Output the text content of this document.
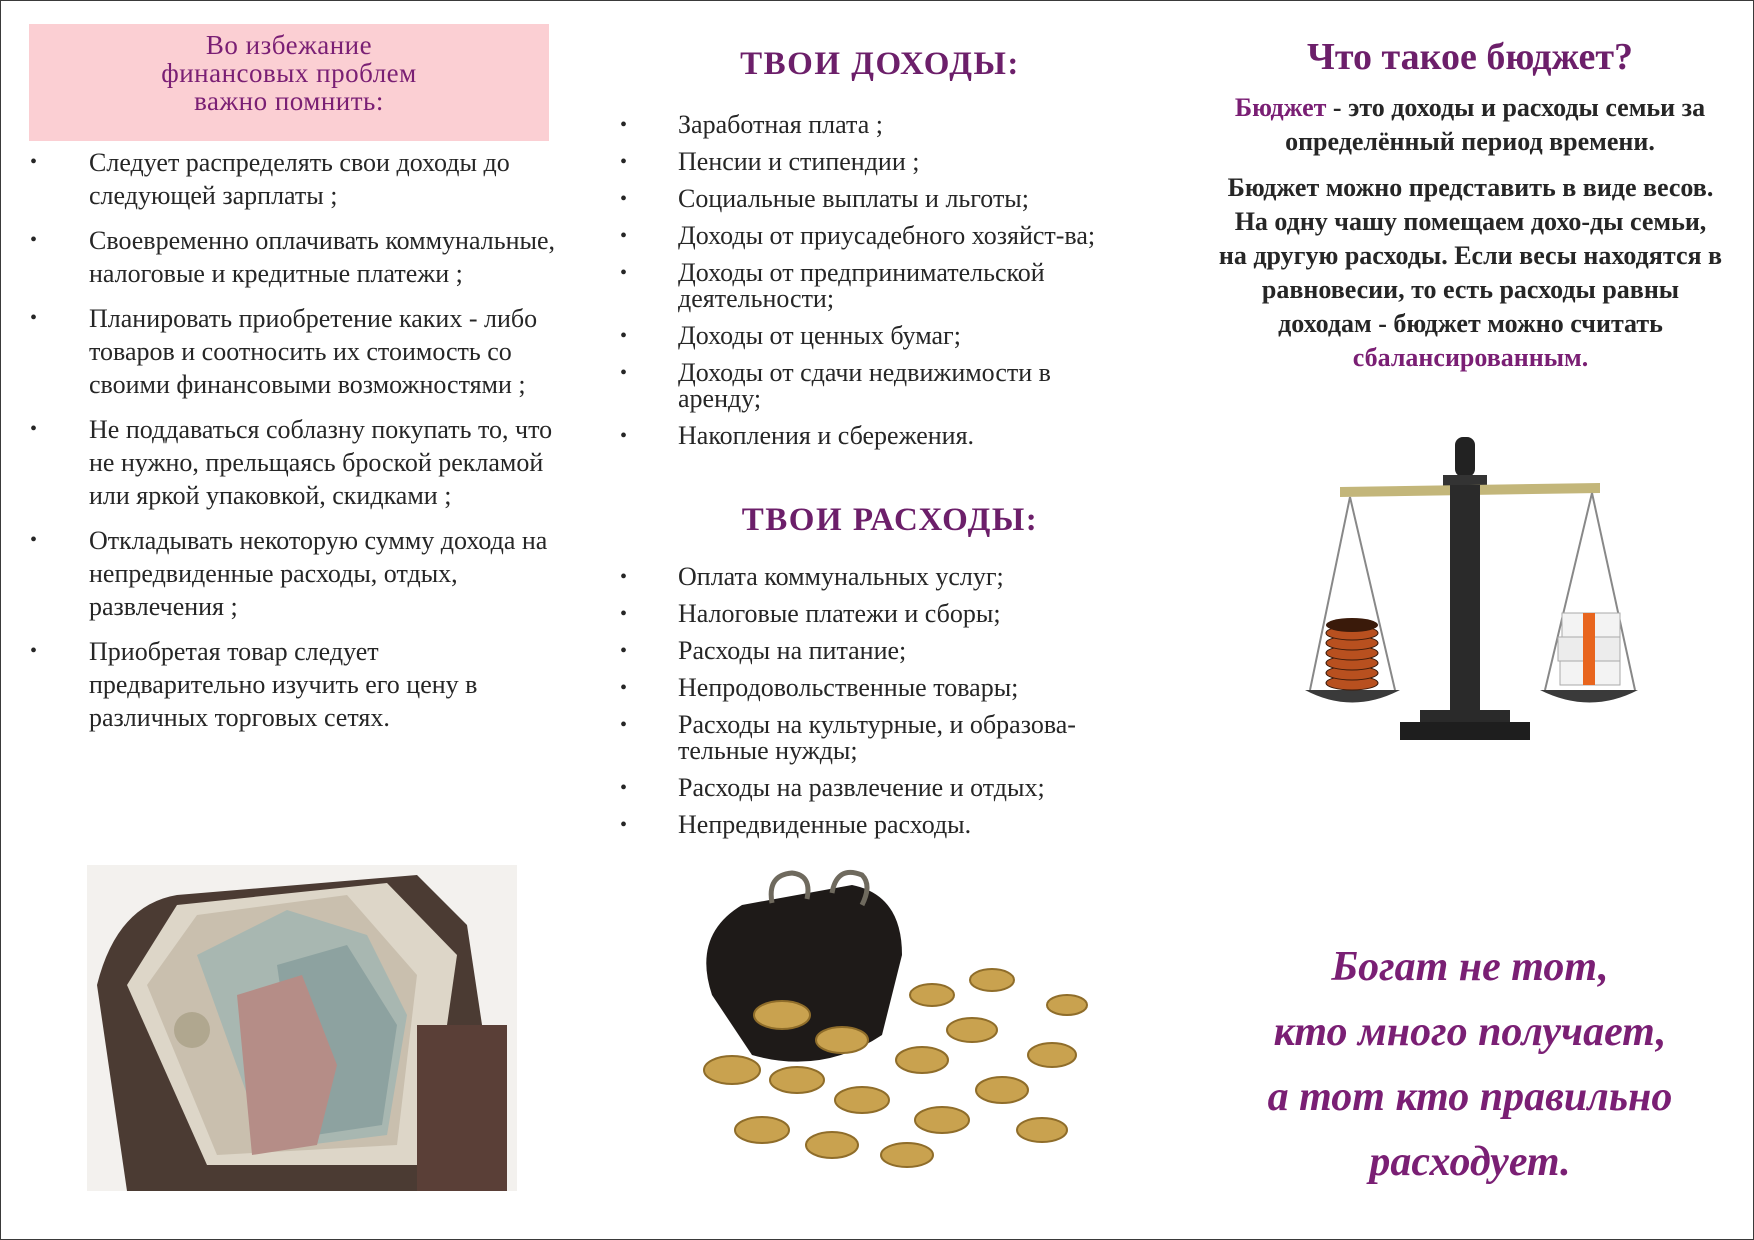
Во избежание
финансовых проблем
важно помнить:
• Следует распределять свои доходы до следующей зарплаты ;
• Своевременно оплачивать коммунальные, налоговые и кредитные платежи ;
• Планировать приобретение каких - либо товаров и соотносить их стоимость со своими финансовыми возможностями ;
• Не поддаваться соблазну покупать то, что не нужно, прельщаясь броской рекламой или яркой упаковкой, скидками ;
• Откладывать некоторую сумму дохода на непредвиденные расходы, отдых, развлечения ;
• Приобретая товар следует предварительно изучить его цену в различных торговых сетях.
ТВОИ ДОХОДЫ:
• Заработная плата ;
• Пенсии и стипендии ;
• Социальные выплаты и льготы;
• Доходы от приусадебного хозяйст-ва;
• Доходы от предпринимательской деятельности;
• Доходы от ценных бумаг;
• Доходы от сдачи недвижимости в аренду;
• Накопления и сбережения.
ТВОИ РАСХОДЫ:
• Оплата коммунальных услуг;
• Налоговые платежи и сборы;
• Расходы на питание;
• Непродовольственные товары;
• Расходы на культурные, и образова-тельные нужды;
• Расходы на развлечение и отдых;
• Непредвиденные расходы.
Что такое бюджет?
Бюджет - это доходы и расходы семьи за определённый период времени.
Бюджет можно представить в виде весов. На одну чашу помещаем дохо-ды семьи, на другую расходы. Если весы находятся в равновесии, то есть расходы равны доходам - бюджет можно считать сбалансированным.
Богат не тот,
кто много получает,
а тот кто правильно
расходует.
